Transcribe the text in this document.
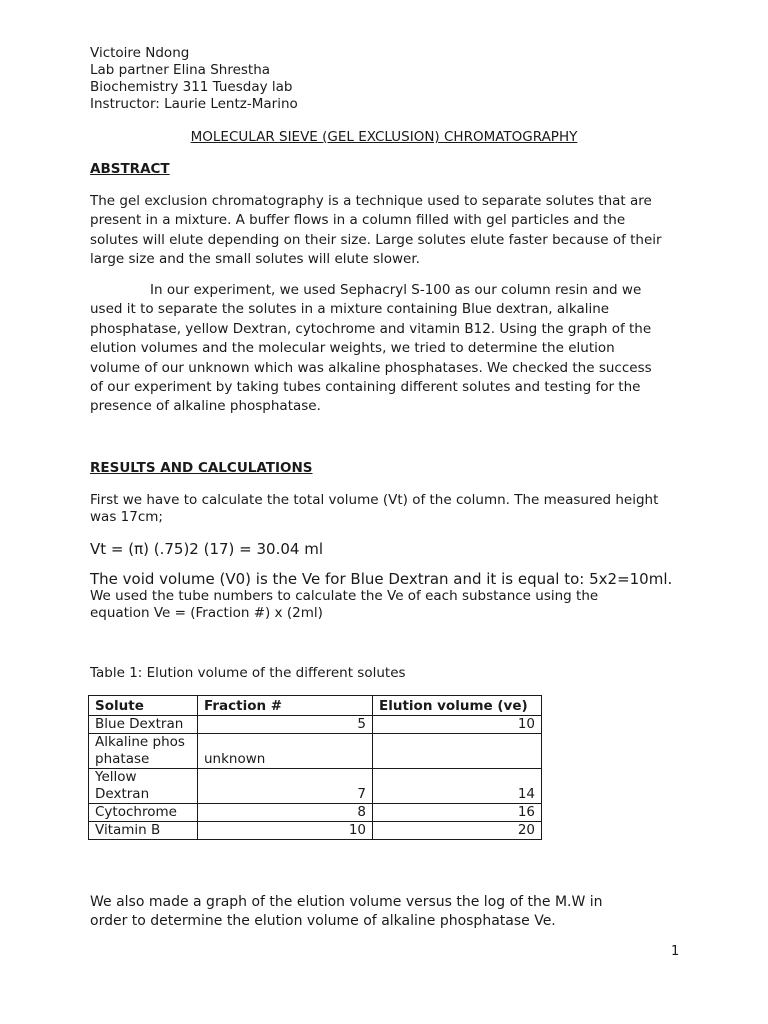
Victoire Ndong
Lab partner Elina Shrestha
Biochemistry 311 Tuesday lab
Instructor: Laurie Lentz-Marino
MOLECULAR SIEVE (GEL EXCLUSION) CHROMATOGRAPHY
ABSTRACT
The gel exclusion chromatography is a technique used to separate solutes that are
present in a mixture. A buffer flows in a column filled with gel particles and the
solutes will elute depending on their size. Large solutes elute faster because of their
large size and the small solutes will elute slower.
In our experiment, we used Sephacryl S-100 as our column resin and we
used it to separate the solutes in a mixture containing Blue dextran, alkaline
phosphatase, yellow Dextran, cytochrome and vitamin B12. Using the graph of the
elution volumes and the molecular weights, we tried to determine the elution
volume of our unknown which was alkaline phosphatases. We checked the success
of our experiment by taking tubes containing different solutes and testing for the
presence of alkaline phosphatase.
RESULTS AND CALCULATIONS
First we have to calculate the total volume (Vt) of the column. The measured height
was 17cm;
Vt = (π) (.75)2 (17) = 30.04 ml
The void volume (V0) is the Ve for Blue Dextran and it is equal to: 5x2=10ml.
We used the tube numbers to calculate the Ve of each substance using the
equation Ve = (Fraction #) x (2ml)
Table 1: Elution volume of the different solutes
Solute	Fraction #	Elution volume (ve)
Blue Dextran	5	10
Alkaline phosphatase	unknown	
Yellow Dextran	7	14
Cytochrome	8	16
Vitamin B	10	20
We also made a graph of the elution volume versus the log of the M.W in
order to determine the elution volume of alkaline phosphatase Ve.
1
